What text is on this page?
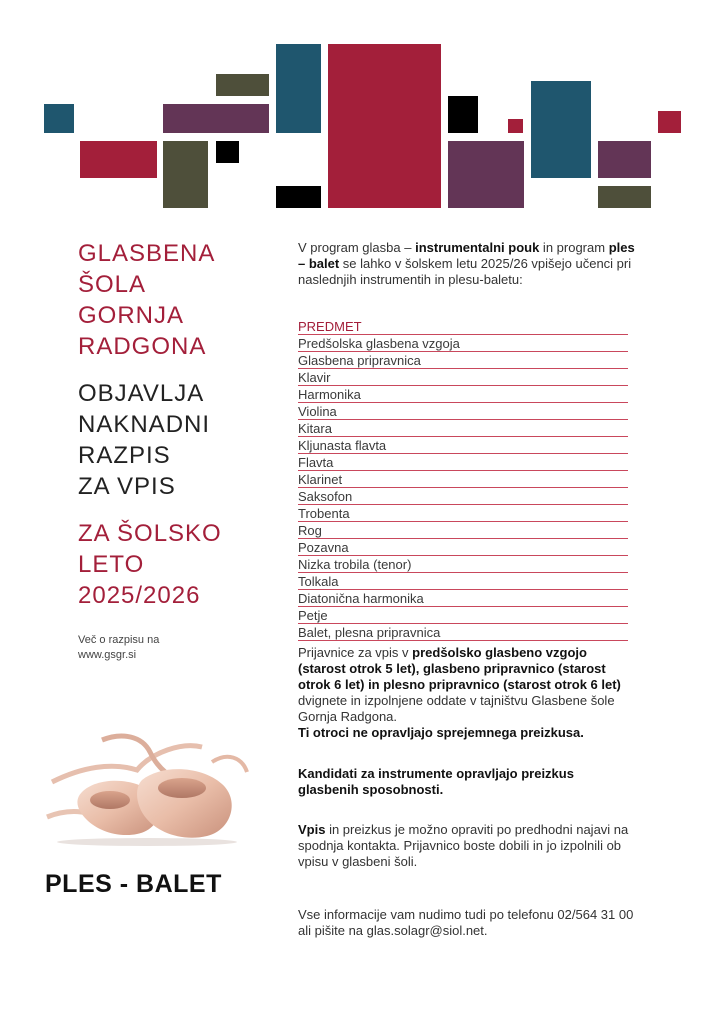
GLASBENA
ŠOLA
GORNJA
RADGONA
OBJAVLJA
NAKNADNI
RAZPIS
ZA VPIS
ZA ŠOLSKO
LETO
2025/2026
Več o razpisu na
www.gsgr.si
PLES - BALET
V program glasba – instrumentalni pouk in program ples – balet se lahko v šolskem letu 2025/26 vpišejo učenci pri naslednjih instrumentih in plesu-baletu:
PREDMET
Predšolska glasbena vzgoja
Glasbena pripravnica
Klavir
Harmonika
Violina
Kitara
Kljunasta flavta
Flavta
Klarinet
Saksofon
Trobenta
Rog
Pozavna
Nizka trobila (tenor)
Tolkala
Diatonična harmonika
Petje
Balet, plesna pripravnica
Prijavnice za vpis v predšolsko glasbeno vzgojo (starost otrok 5 let), glasbeno pripravnico (starost otrok 6 let) in plesno pripravnico (starost otrok 6 let) dvignete in izpolnjene oddate v tajništvu Glasbene šole Gornja Radgona.
Ti otroci ne opravljajo sprejemnega preizkusa.
Kandidati za instrumente opravljajo preizkus glasbenih sposobnosti.
Vpis in preizkus je možno opraviti po predhodni najavi na spodnja kontakta. Prijavnico boste dobili in jo izpolnili ob vpisu v glasbeni šoli.
Vse informacije vam nudimo tudi po telefonu 02/564 31 00 ali pišite na glas.solagr@siol.net.
